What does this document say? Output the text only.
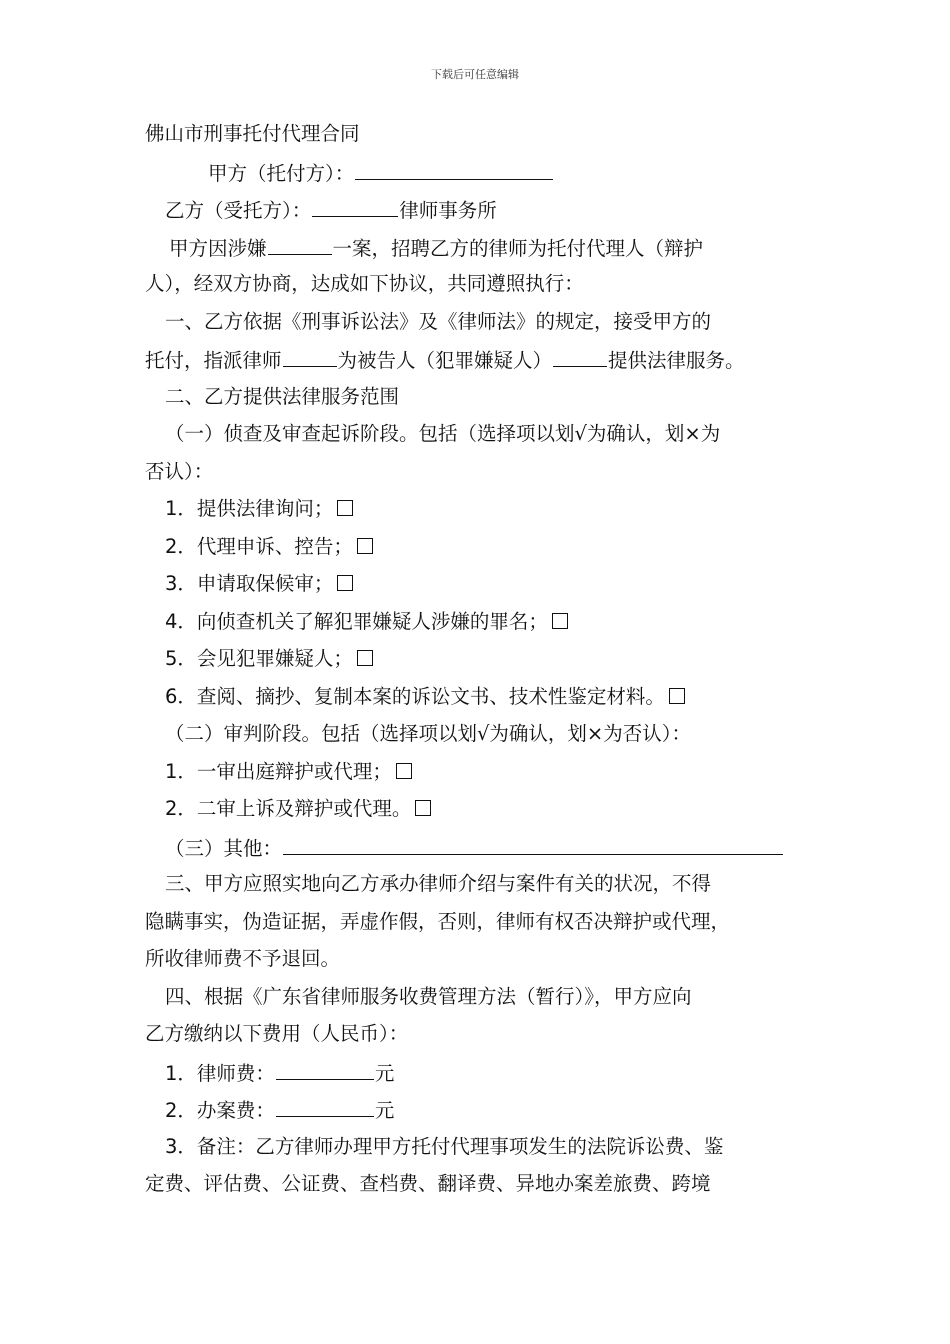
下载后可任意编辑
佛山市刑事托付代理合同
甲方（托付方）：
乙方（受托方）：	律师事务所
甲方因涉嫌	一案，招聘乙方的律师为托付代理人（辩护
人），经双方协商，达成如下协议，共同遵照执行：
一、乙方依据《刑事诉讼法》及《律师法》的规定，接受甲方的
托付，指派律师	为被告人（犯罪嫌疑人）	提供法律服务。
二、乙方提供法律服务范围
（一）侦查及审查起诉阶段。包括（选择项以划√为确认，划×为
否认）：
1．提供法律询问；
2．代理申诉、控告；
3．申请取保候审；
4．向侦查机关了解犯罪嫌疑人涉嫌的罪名；
5．会见犯罪嫌疑人；
6．查阅、摘抄、复制本案的诉讼文书、技术性鉴定材料。
（二）审判阶段。包括（选择项以划√为确认，划×为否认）：
1．一审出庭辩护或代理；
2．二审上诉及辩护或代理。
（三）其他：
三、甲方应照实地向乙方承办律师介绍与案件有关的状况，不得
隐瞒事实，伪造证据，弄虚作假，否则，律师有权否决辩护或代理，
所收律师费不予退回。
四、根据《广东省律师服务收费管理方法（暂行）》，甲方应向
乙方缴纳以下费用（人民币）：
1．律师费：	元
2．办案费：	元
3．备注：乙方律师办理甲方托付代理事项发生的法院诉讼费、鉴
定费、评估费、公证费、查档费、翻译费、异地办案差旅费、跨境
